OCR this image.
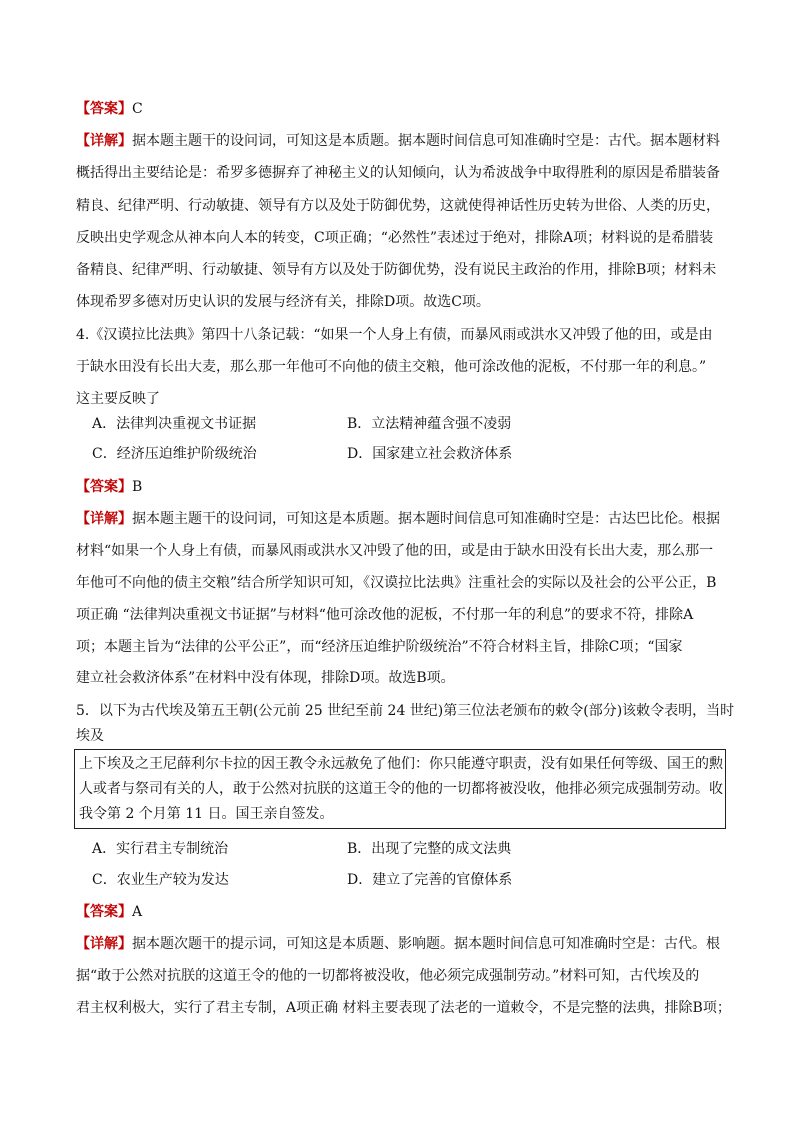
【答案】C
【详解】据本题主题干的设问词，可知这是本质题。据本题时间信息可知准确时空是：古代。据本题材料
概括得出主要结论是：希罗多德摒弃了神秘主义的认知倾向，认为希波战争中取得胜利的原因是希腊装备
精良、纪律严明、行动敏捷、领导有方以及处于防御优势，这就使得神话性历史转为世俗、人类的历史，
反映出史学观念从神本向人本的转变，C项正确；“必然性”表述过于绝对，排除A项；材料说的是希腊装
备精良、纪律严明、行动敏捷、领导有方以及处于防御优势，没有说民主政治的作用，排除B项；材料未
体现希罗多德对历史认识的发展与经济有关，排除D项。故选C项。
4.《汉谟拉比法典》第四十八条记载：“如果一个人身上有债，而暴风雨或洪水又冲毁了他的田，或是由
于缺水田没有长出大麦，那么那一年他可不向他的债主交粮，他可涂改他的泥板，不付那一年的利息。”
这主要反映了
A．法律判决重视文书证据	B．立法精神蕴含强不凌弱
C．经济压迫维护阶级统治	D．国家建立社会救济体系
【答案】B
【详解】据本题主题干的设问词，可知这是本质题。据本题时间信息可知准确时空是：古达巴比伦。根据
材料“如果一个人身上有债，而暴风雨或洪水又冲毁了他的田，或是由于缺水田没有长出大麦，那么那一
年他可不向他的债主交粮”结合所学知识可知，《汉谟拉比法典》注重社会的实际以及社会的公平公正，B
项正确 “法律判决重视文书证据”与材料“他可涂改他的泥板，不付那一年的利息”的要求不符，排除A
项；本题主旨为“法律的公平公正”，而“经济压迫维护阶级统治”不符合材料主旨，排除C项；“国家
建立社会救济体系”在材料中没有体现，排除D项。故选B项。
5．以下为古代埃及第五王朝(公元前 25 世纪至前 24 世纪)第三位法老颁布的敕令(部分)该敕令表明，当时
埃及
上下埃及之王尼薛利尔卡拉的因王教令永远赦免了他们：你只能遵守职责，没有如果任何等级、国王的勲
人或者与祭司有关的人，敢于公然对抗朕的这道王令的他的一切都将被没收，他排必须完成强制劳动。收
我令第 2 个月第 11 日。国王亲自签发。
A．实行君主专制统治	B．出现了完整的成文法典
C．农业生产较为发达	D．建立了完善的官僚体系
【答案】A
【详解】据本题次题干的提示词，可知这是本质题、影响题。据本题时间信息可知准确时空是：古代。根
据“敢于公然对抗朕的这道王令的他的一切都将被没收，他必须完成强制劳动。”材料可知，古代埃及的
君主权利极大，实行了君主专制，A项正确 材料主要表现了法老的一道敕令，不是完整的法典，排除B项；
